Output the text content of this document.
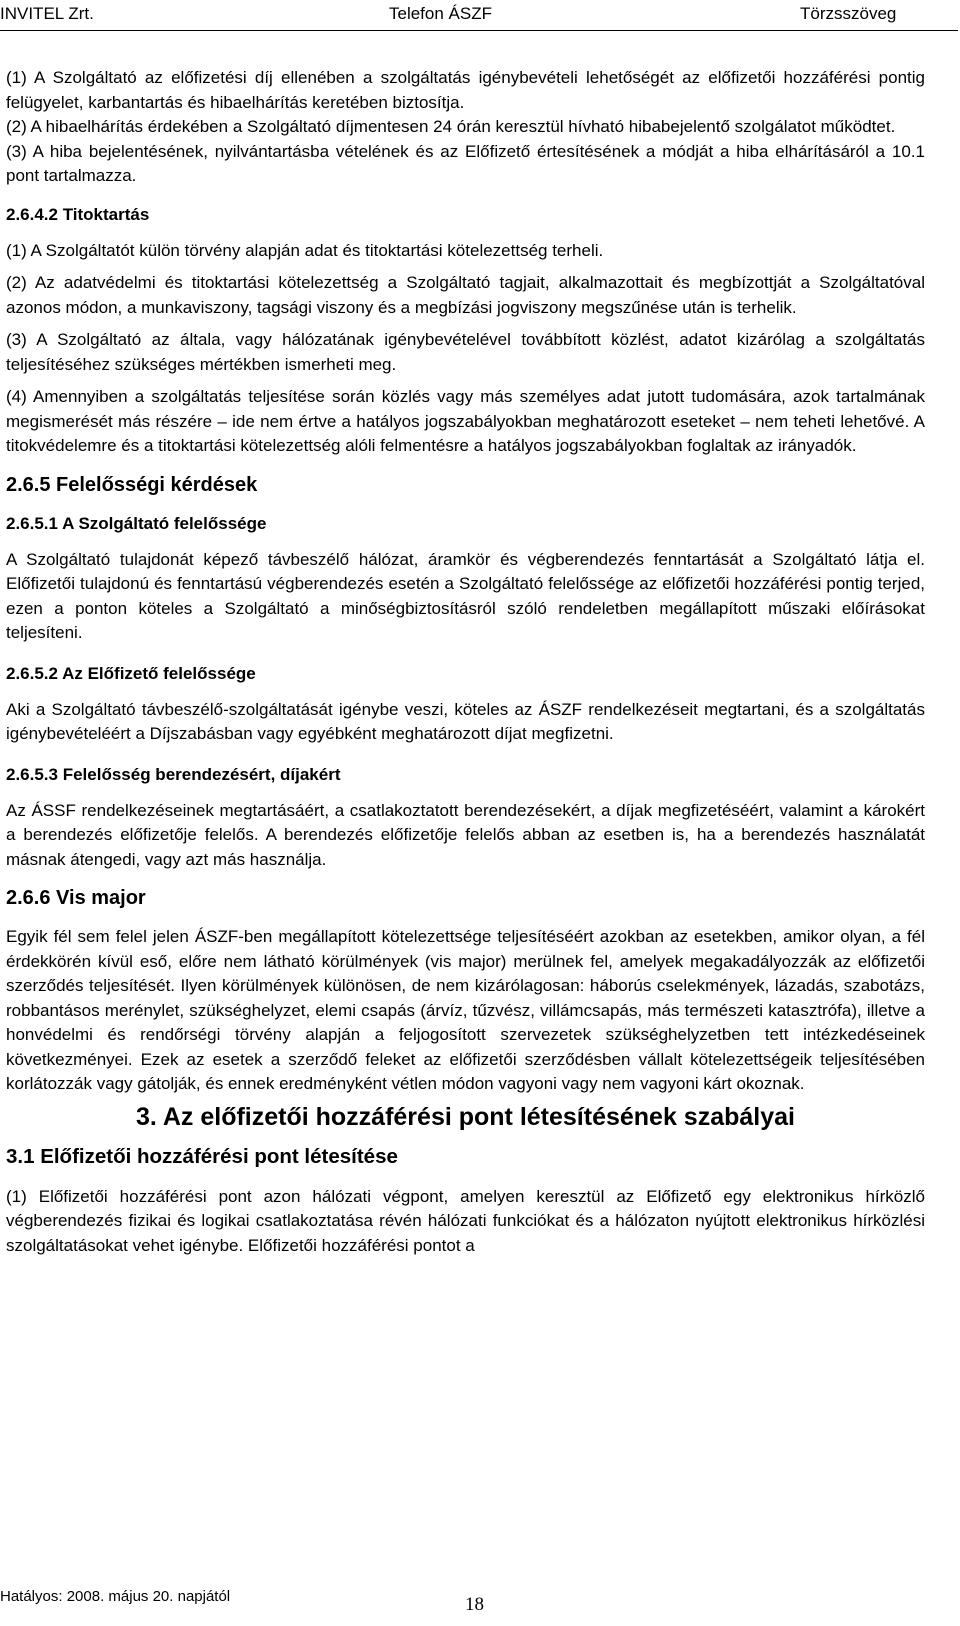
INVITEL Zrt.	Telefon ÁSZF	Törzsszöveg

(1) A Szolgáltató az előfizetési díj ellenében a szolgáltatás igénybevételi lehetőségét az előfizetői hozzáférési pontig felügyelet, karbantartás és hibaelhárítás keretében biztosítja.

(2) A hibaelhárítás érdekében a Szolgáltató díjmentesen 24 órán keresztül hívható hibabejelentő szolgálatot működtet.

(3) A hiba bejelentésének, nyilvántartásba vételének és az Előfizető értesítésének a módját a hiba elhárításáról a 10.1 pont tartalmazza.

2.6.4.2 Titoktartás

(1) A Szolgáltatót külön törvény alapján adat és titoktartási kötelezettség terheli.

(2) Az adatvédelmi és titoktartási kötelezettség a Szolgáltató tagjait, alkalmazottait és megbízottját a Szolgáltatóval azonos módon, a munkaviszony, tagsági viszony és a megbízási jogviszony megszűnése után is terhelik.

(3) A Szolgáltató az általa, vagy hálózatának igénybevételével továbbított közlést, adatot kizárólag a szolgáltatás teljesítéséhez szükséges mértékben ismerheti meg.

(4) Amennyiben a szolgáltatás teljesítése során közlés vagy más személyes adat jutott tudomására, azok tartalmának megismerését más részére – ide nem értve a hatályos jogszabályokban meghatározott eseteket – nem teheti lehetővé. A titokvédelemre és a titoktartási kötelezettség alóli felmentésre a hatályos jogszabályokban foglaltak az irányadók.

2.6.5 Felelősségi kérdések
2.6.5.1 A Szolgáltató felelőssége

A Szolgáltató tulajdonát képező távbeszélő hálózat, áramkör és végberendezés fenntartását a Szolgáltató látja el. Előfizetői tulajdonú és fenntartású végberendezés esetén a Szolgáltató felelőssége az előfizetői hozzáférési pontig terjed, ezen a ponton köteles a Szolgáltató a minőségbiztosításról szóló rendeletben megállapított műszaki előírásokat teljesíteni.

2.6.5.2 Az Előfizető felelőssége

Aki a Szolgáltató távbeszélő-szolgáltatását igénybe veszi, köteles az ÁSZF rendelkezéseit megtartani, és a szolgáltatás igénybevételéért a Díjszabásban vagy egyébként meghatározott díjat megfizetni.

2.6.5.3 Felelősség berendezésért, díjakért

Az ÁSSF rendelkezéseinek megtartásáért, a csatlakoztatott berendezésekért, a díjak megfizetéséért, valamint a károkért a berendezés előfizetője felelős. A berendezés előfizetője felelős abban az esetben is, ha a berendezés használatát másnak átengedi, vagy azt más használja.

2.6.6 Vis major

Egyik fél sem felel jelen ÁSZF-ben megállapított kötelezettsége teljesítéséért azokban az esetekben, amikor olyan, a fél érdekkörén kívül eső, előre nem látható körülmények (vis major) merülnek fel, amelyek megakadályozzák az előfizetői szerződés teljesítését. Ilyen körülmények különösen, de nem kizárólagosan: háborús cselekmények, lázadás, szabotázs, robbantásos merénylet, szükséghelyzet, elemi csapás (árvíz, tűzvész, villámcsapás, más természeti katasztrófa), illetve a honvédelmi és rendőrségi törvény alapján a feljogosított szervezetek szükséghelyzetben tett intézkedéseinek következményei. Ezek az esetek a szerződő feleket az előfizetői szerződésben vállalt kötelezettségeik teljesítésében korlátozzák vagy gátolják, és ennek eredményként vétlen módon vagyoni vagy nem vagyoni kárt okoznak.

3. Az előfizetői hozzáférési pont létesítésének szabályai
3.1 Előfizetői hozzáférési pont létesítése

(1) Előfizetői hozzáférési pont azon hálózati végpont, amelyen keresztül az Előfizető egy elektronikus hírközlő végberendezés fizikai és logikai csatlakoztatása révén hálózati funkciókat és a hálózaton nyújtott elektronikus hírközlési szolgáltatásokat vehet igénybe. Előfizetői hozzáférési pontot a

Hatályos: 2008. május 20. napjától	18
